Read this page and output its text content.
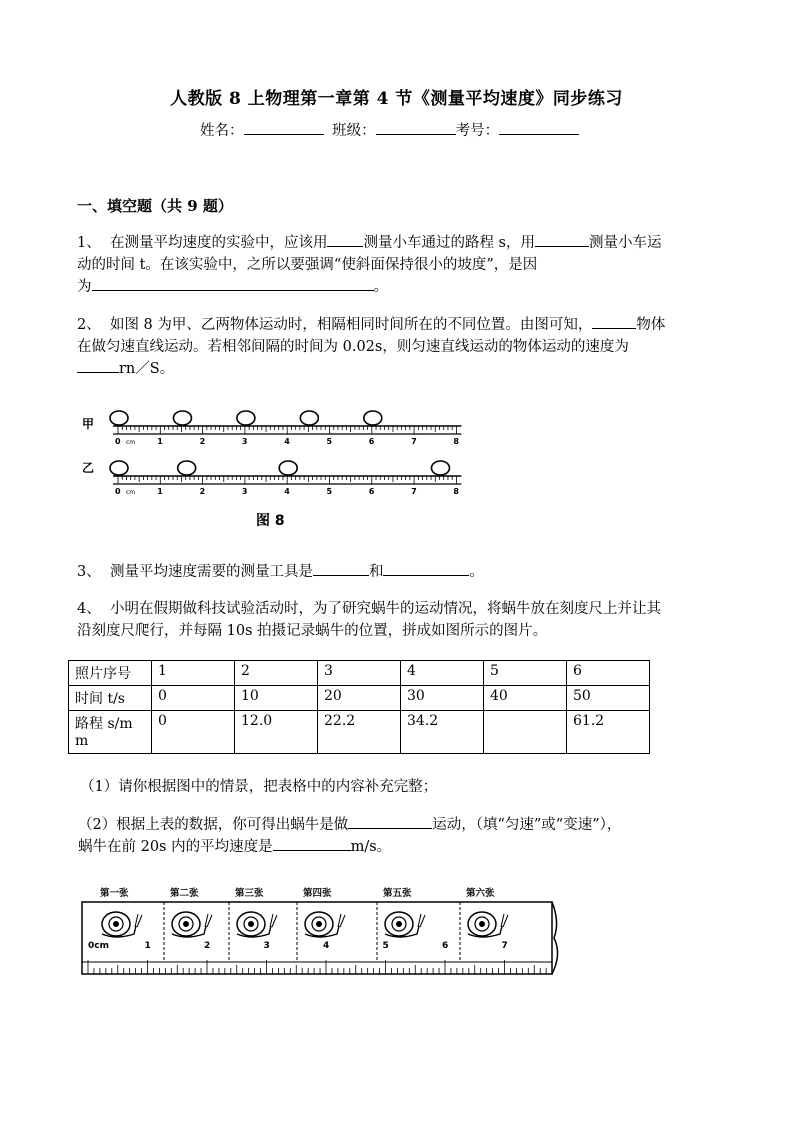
人教版 8 上物理第一章第 4 节《测量平均速度》同步练习
姓名：	班级：	考号：
一、填空题（共 9 题）
1、 在测量平均速度的实验中，应该用 测量小车通过的路程 s，用	测量小车运
动的时间 t。在该实验中，之所以要强调“使斜面保持很小的坡度”，是因
为	。
2、 如图 8 为甲、乙两物体运动时，相隔相同时间所在的不同位置。由图可知，	物体
在做匀速直线运动。若相邻间隔的时间为 0.02s，则匀速直线运动的物体运动的速度为
rn／S。
甲
乙
0	1	2	3	4	5	6	7	8
cm
0	1	2	3	4	5	6	7	8
cm
图 8
3、 测量平均速度需要的测量工具是	和	。
4、 小明在假期做科技试验活动时，为了研究蜗牛的运动情况，将蜗牛放在刻度尺上并让其
沿刻度尺爬行，并每隔 10s 拍摄记录蜗牛的位置，拼成如图所示的图片。
照片序号	1	2	3	4	5	6
时间 t/s	0	10	20	30	40	50
路程 s/mm	0	12.0	22.2	34.2		61.2
（1）请你根据图中的情景，把表格中的内容补充完整；
（2）根据上表的数据，你可得出蜗牛是做	运动，（填“匀速”或“变速”），
蜗牛在前 20s 内的平均速度是	m/s。
第一张	第二张	第三张	第四张	第五张	第六张
0cm	1	2	3	4	5	6	7
